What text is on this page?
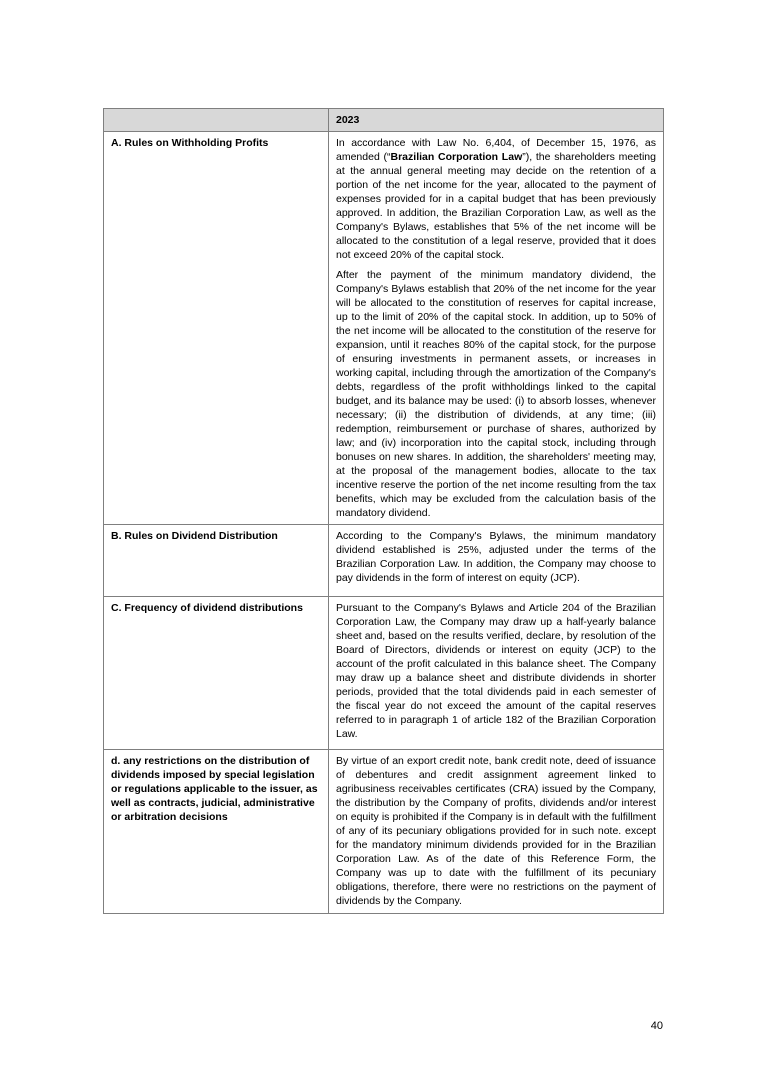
	2023
A. Rules on Withholding Profits	In accordance with Law No. 6,404, of December 15, 1976, as amended (“Brazilian Corporation Law”), the shareholders meeting at the annual general meeting may decide on the retention of a portion of the net income for the year, allocated to the payment of expenses provided for in a capital budget that has been previously approved. In addition, the Brazilian Corporation Law, as well as the Company's Bylaws, establishes that 5% of the net income will be allocated to the constitution of a legal reserve, provided that it does not exceed 20% of the capital stock.

After the payment of the minimum mandatory dividend, the Company's Bylaws establish that 20% of the net income for the year will be allocated to the constitution of reserves for capital increase, up to the limit of 20% of the capital stock. In addition, up to 50% of the net income will be allocated to the constitution of the reserve for expansion, until it reaches 80% of the capital stock, for the purpose of ensuring investments in permanent assets, or increases in working capital, including through the amortization of the Company's debts, regardless of the profit withholdings linked to the capital budget, and its balance may be used: (i) to absorb losses, whenever necessary; (ii) the distribution of dividends, at any time; (iii) redemption, reimbursement or purchase of shares, authorized by law; and (iv) incorporation into the capital stock, including through bonuses on new shares. In addition, the shareholders' meeting may, at the proposal of the management bodies, allocate to the tax incentive reserve the portion of the net income resulting from the tax benefits, which may be excluded from the calculation basis of the mandatory dividend.

B. Rules on Dividend Distribution	According to the Company's Bylaws, the minimum mandatory dividend established is 25%, adjusted under the terms of the Brazilian Corporation Law. In addition, the Company may choose to pay dividends in the form of interest on equity (JCP).

C. Frequency of dividend distributions	Pursuant to the Company's Bylaws and Article 204 of the Brazilian Corporation Law, the Company may draw up a half-yearly balance sheet and, based on the results verified, declare, by resolution of the Board of Directors, dividends or interest on equity (JCP) to the account of the profit calculated in this balance sheet. The Company may draw up a balance sheet and distribute dividends in shorter periods, provided that the total dividends paid in each semester of the fiscal year do not exceed the amount of the capital reserves referred to in paragraph 1 of article 182 of the Brazilian Corporation Law.

d. any restrictions on the distribution of dividends imposed by special legislation or regulations applicable to the issuer, as well as contracts, judicial, administrative or arbitration decisions	By virtue of an export credit note, bank credit note, deed of issuance of debentures and credit assignment agreement linked to agribusiness receivables certificates (CRA) issued by the Company, the distribution by the Company of profits, dividends and/or interest on equity is prohibited if the Company is in default with the fulfillment of any of its pecuniary obligations provided for in such note. except for the mandatory minimum dividends provided for in the Brazilian Corporation Law. As of the date of this Reference Form, the Company was up to date with the fulfillment of its pecuniary obligations, therefore, there were no restrictions on the payment of dividends by the Company.

40
